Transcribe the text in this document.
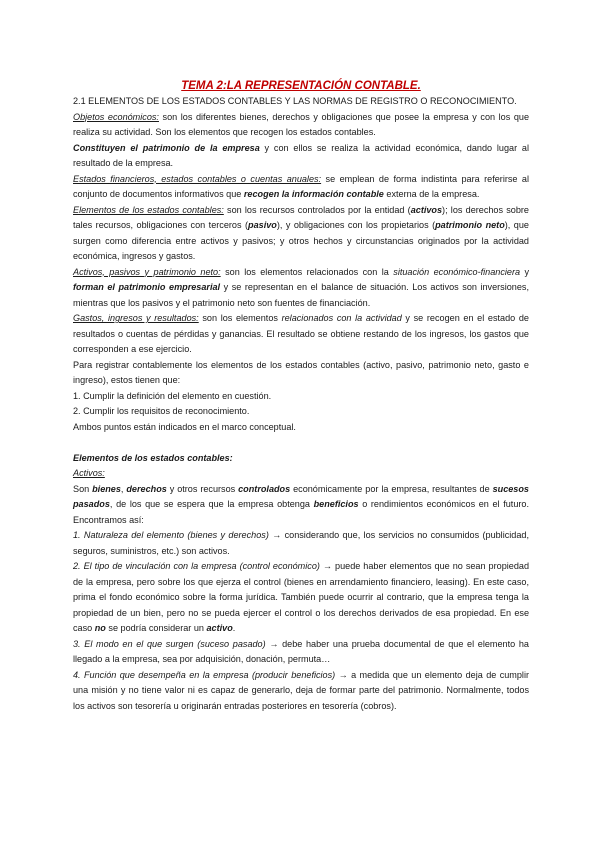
TEMA 2:LA REPRESENTACIÓN CONTABLE.

2.1 ELEMENTOS DE LOS ESTADOS CONTABLES Y LAS NORMAS DE REGISTRO O RECONOCIMIENTO.

Objetos económicos: son los diferentes bienes, derechos y obligaciones que posee la empresa y con los que realiza su actividad. Son los elementos que recogen los estados contables.

Constituyen el patrimonio de la empresa y con ellos se realiza la actividad económica, dando lugar al resultado de la empresa.

Estados financieros, estados contables o cuentas anuales: se emplean de forma indistinta para referirse al conjunto de documentos informativos que recogen la información contable externa de la empresa.

Elementos de los estados contables: son los recursos controlados por la entidad (activos); los derechos sobre tales recursos, obligaciones con terceros (pasivo), y obligaciones con los propietarios (patrimonio neto), que surgen como diferencia entre activos y pasivos; y otros hechos y circunstancias originados por la actividad económica, ingresos y gastos.

Activos, pasivos y patrimonio neto: son los elementos relacionados con la situación económico-financiera y forman el patrimonio empresarial y se representan en el balance de situación. Los activos son inversiones, mientras que los pasivos y el patrimonio neto son fuentes de financiación.

Gastos, ingresos y resultados: son los elementos relacionados con la actividad y se recogen en el estado de resultados o cuentas de pérdidas y ganancias. El resultado se obtiene restando de los ingresos, los gastos que corresponden a ese ejercicio.

Para registrar contablemente los elementos de los estados contables (activo, pasivo, patrimonio neto, gasto e ingreso), estos tienen que:

1. Cumplir la definición del elemento en cuestión.

2. Cumplir los requisitos de reconocimiento.

Ambos puntos están indicados en el marco conceptual.

Elementos de los estados contables:

Activos:

Son bienes, derechos y otros recursos controlados económicamente por la empresa, resultantes de sucesos pasados, de los que se espera que la empresa obtenga beneficios o rendimientos económicos en el futuro. Encontramos así:

1. Naturaleza del elemento (bienes y derechos) → considerando que, los servicios no consumidos (publicidad, seguros, suministros, etc.) son activos.

2. El tipo de vinculación con la empresa (control económico) → puede haber elementos que no sean propiedad de la empresa, pero sobre los que ejerza el control (bienes en arrendamiento financiero, leasing). En este caso, prima el fondo económico sobre la forma jurídica. También puede ocurrir al contrario, que la empresa tenga la propiedad de un bien, pero no se pueda ejercer el control o los derechos derivados de esa propiedad. En ese caso no se podría considerar un activo.

3. El modo en el que surgen (suceso pasado) → debe haber una prueba documental de que el elemento ha llegado a la empresa, sea por adquisición, donación, permuta…

4. Función que desempeña en la empresa (producir beneficios) → a medida que un elemento deja de cumplir una misión y no tiene valor ni es capaz de generarlo, deja de formar parte del patrimonio. Normalmente, todos los activos son tesorería u originarán entradas posteriores en tesorería (cobros).
